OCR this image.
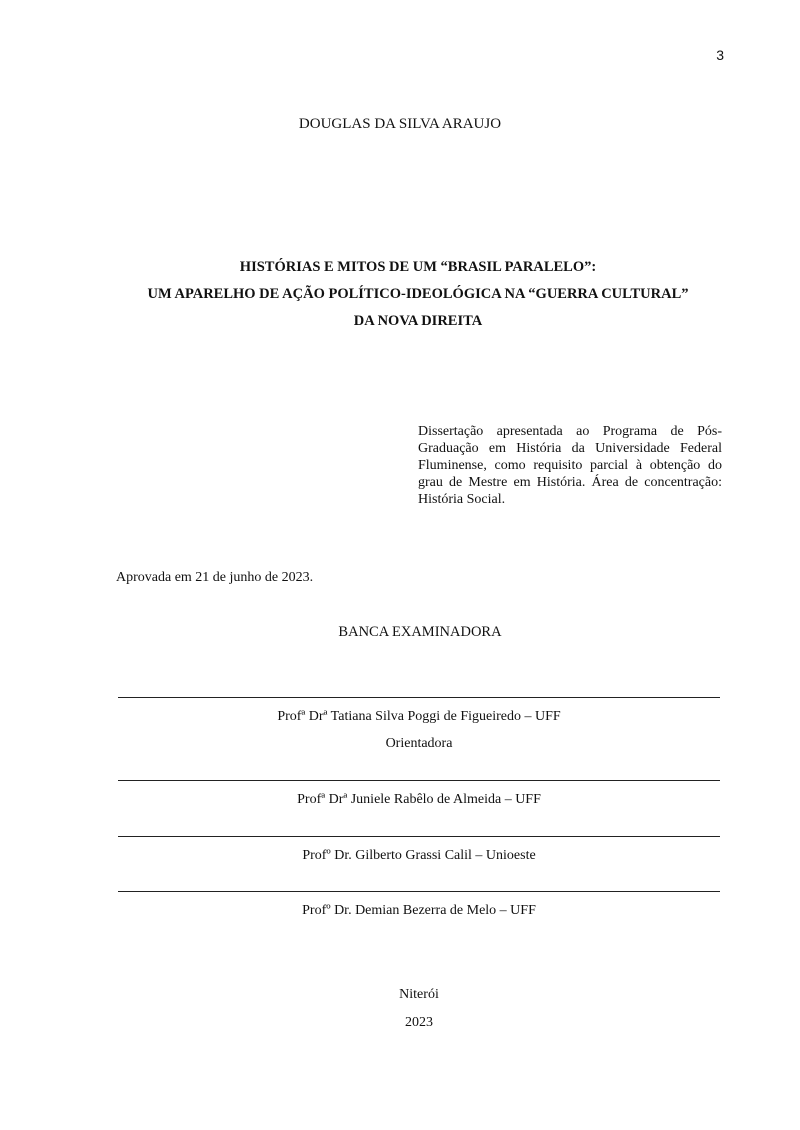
3
DOUGLAS DA SILVA ARAUJO
HISTÓRIAS E MITOS DE UM “BRASIL PARALELO”:
UM APARELHO DE AÇÃO POLÍTICO-IDEOLÓGICA NA “GUERRA CULTURAL”
DA NOVA DIREITA
Dissertação apresentada ao Programa de Pós-Graduação em História da Universidade Federal Fluminense, como requisito parcial à obtenção do grau de Mestre em História. Área de concentração: História Social.
Aprovada em 21 de junho de 2023.
BANCA EXAMINADORA
Profª Drª Tatiana Silva Poggi de Figueiredo – UFF
Orientadora
Profª Drª Juniele Rabêlo de Almeida – UFF
Profº Dr. Gilberto Grassi Calil – Unioeste
Profº Dr. Demian Bezerra de Melo – UFF
Niterói
2023
